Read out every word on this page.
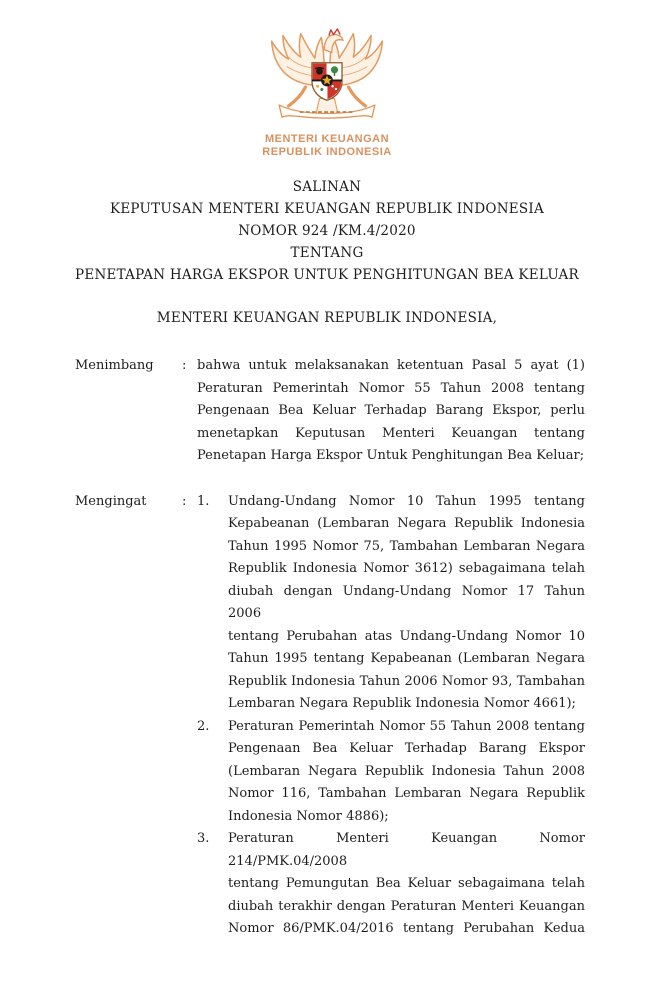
MENTERI KEUANGAN
REPUBLIK INDONESIA
SALINAN
KEPUTUSAN MENTERI KEUANGAN REPUBLIK INDONESIA
NOMOR 924 /KM.4/2020
TENTANG
PENETAPAN HARGA EKSPOR UNTUK PENGHITUNGAN BEA KELUAR
MENTERI KEUANGAN REPUBLIK INDONESIA,
Menimbang	: bahwa untuk melaksanakan ketentuan Pasal 5 ayat (1)
Peraturan Pemerintah Nomor 55 Tahun 2008 tentang
Pengenaan Bea Keluar Terhadap Barang Ekspor, perlu
menetapkan Keputusan Menteri Keuangan tentang
Penetapan Harga Ekspor Untuk Penghitungan Bea Keluar;
Mengingat	: 1.	Undang-Undang Nomor 10 Tahun 1995 tentang
Kepabeanan (Lembaran Negara Republik Indonesia
Tahun 1995 Nomor 75, Tambahan Lembaran Negara
Republik Indonesia Nomor 3612) sebagaimana telah
diubah dengan Undang-Undang Nomor 17 Tahun 2006
tentang Perubahan atas Undang-Undang Nomor 10
Tahun 1995 tentang Kepabeanan (Lembaran Negara
Republik Indonesia Tahun 2006 Nomor 93, Tambahan
Lembaran Negara Republik Indonesia Nomor 4661);
2.	Peraturan Pemerintah Nomor 55 Tahun 2008 tentang
Pengenaan Bea Keluar Terhadap Barang Ekspor
(Lembaran Negara Republik Indonesia Tahun 2008
Nomor 116, Tambahan Lembaran Negara Republik
Indonesia Nomor 4886);
3.	Peraturan Menteri Keuangan Nomor 214/PMK.04/2008
tentang Pemungutan Bea Keluar sebagaimana telah
diubah terakhir dengan Peraturan Menteri Keuangan
Nomor 86/PMK.04/2016 tentang Perubahan Kedua
